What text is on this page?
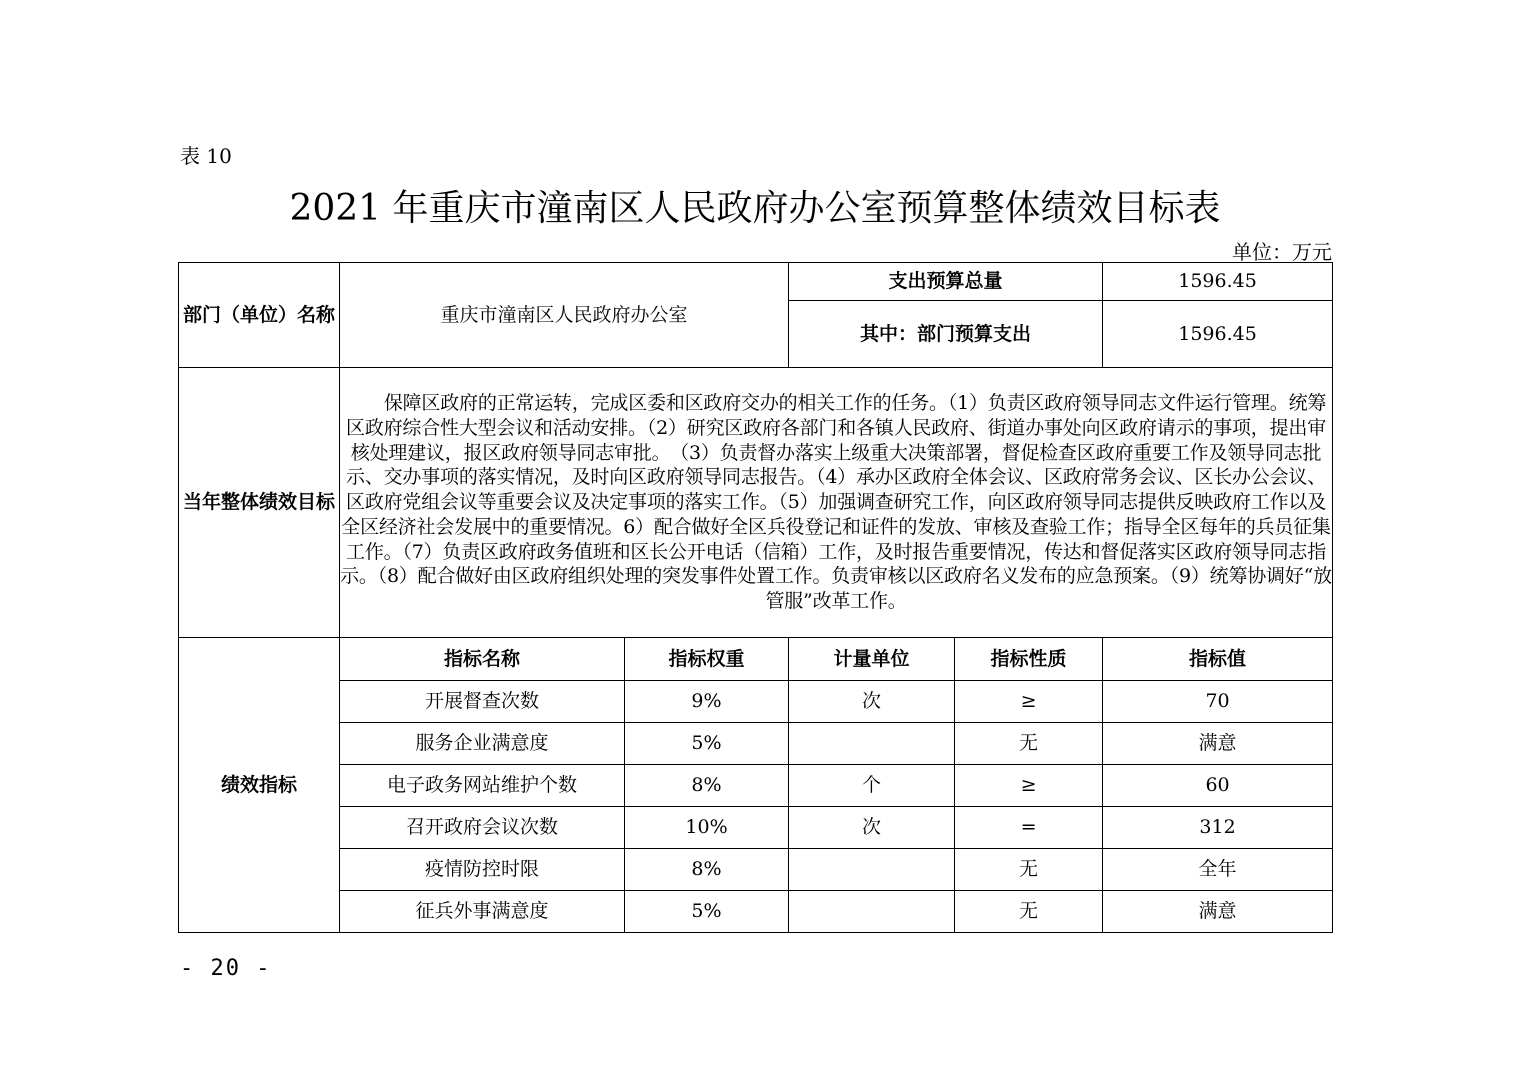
表 10
2021 年重庆市潼南区人民政府办公室预算整体绩效目标表
单位：万元
部门（单位）名称	重庆市潼南区人民政府办公室		支出预算总量		1596.45
			其中：部门预算支出		1596.45
当年整体绩效目标	保障区政府的正常运转，完成区委和区政府交办的相关工作的任务。（1）负责区政府领导同志文件运行管理。统筹区政府综合性大型会议和活动安排。（2）研究区政府各部门和各镇人民政府、街道办事处向区政府请示的事项，提出审核处理建议，报区政府领导同志审批。　（3）负责督办落实上级重大决策部署，督促检查区政府重要工作及领导同志批示、交办事项的落实情况，及时向区政府领导同志报告。（4）承办区政府全体会议、区政府常务会议、区长办公会议、区政府党组会议等重要会议及决定事项的落实工作。（5）加强调查研究工作，向区政府领导同志提供反映政府工作以及全区经济社会发展中的重要情况。6）配合做好全区兵役登记和证件的发放、审核及查验工作；指导全区每年的兵员征集工作。（7）负责区政府政务值班和区长公开电话（信箱）工作，及时报告重要情况，传达和督促落实区政府领导同志指示。（8）配合做好由区政府组织处理的突发事件处置工作。负责审核以区政府名义发布的应急预案。（9）统筹协调好“放管服”改革工作。				
绩效指标	指标名称	指标权重	计量单位	指标性质	指标值
	开展督查次数	9%	次	≥	70
	服务企业满意度	5%		无	满意
	电子政务网站维护个数	8%	个	≥	60
	召开政府会议次数	10%	次	=	312
	疫情防控时限	8%		无	全年
	征兵外事满意度	5%		无	满意
- 20 -
